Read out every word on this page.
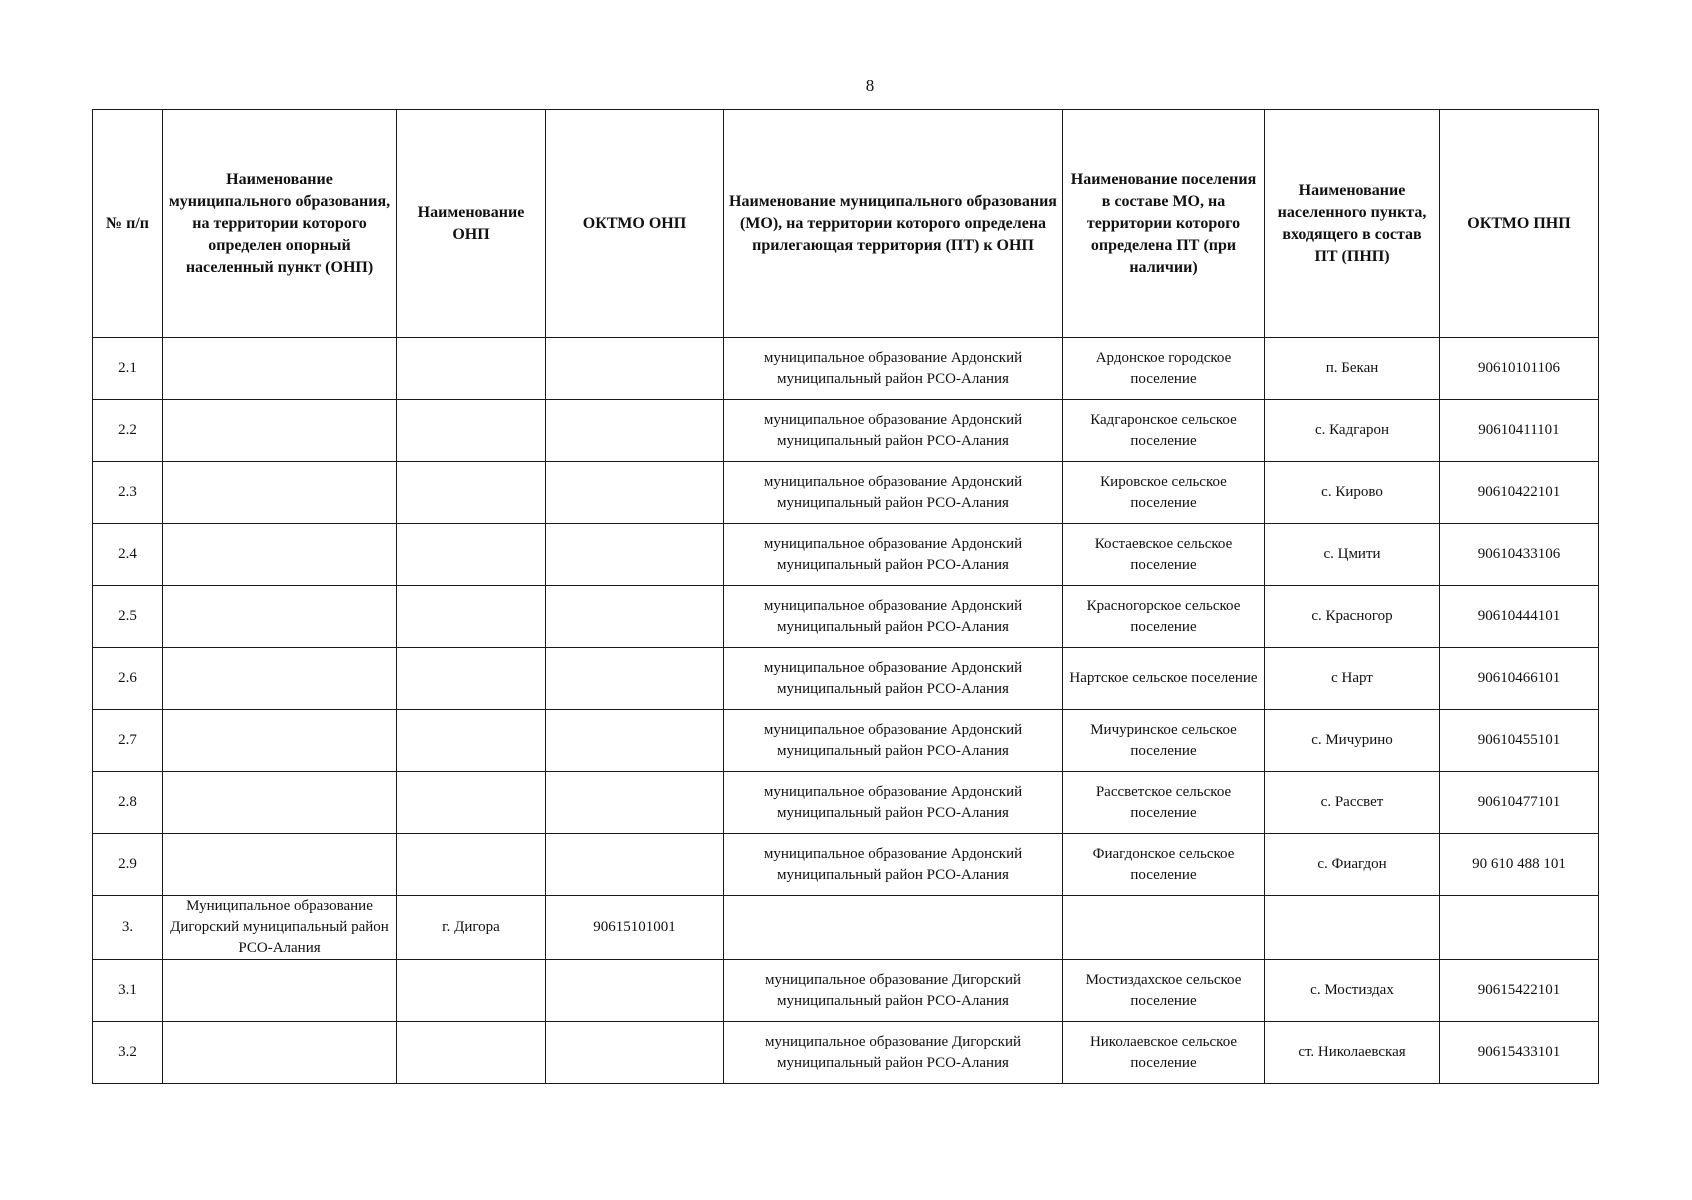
8
№ п/п	Наименование муниципального образования, на территории которого определен опорный населенный пункт (ОНП)	Наименование ОНП	ОКТМО ОНП	Наименование муниципального образования (МО), на территории которого определена прилегающая территория (ПТ) к ОНП	Наименование поселения в составе МО, на территории которого определена ПТ (при наличии)	Наименование населенного пункта, входящего в состав ПТ (ПНП)	ОКТМО ПНП
2.1				муниципальное образование Ардонский муниципальный район РСО-Алания	Ардонское городское поселение	п. Бекан	90610101106
2.2				муниципальное образование Ардонский муниципальный район РСО-Алания	Кадгаронское сельское поселение	с. Кадгарон	90610411101
2.3				муниципальное образование Ардонский муниципальный район РСО-Алания	Кировское сельское поселение	с. Кирово	90610422101
2.4				муниципальное образование Ардонский муниципальный район РСО-Алания	Костаевское сельское поселение	с. Цмити	90610433106
2.5				муниципальное образование Ардонский муниципальный район РСО-Алания	Красногорское сельское поселение	с. Красногор	90610444101
2.6				муниципальное образование Ардонский муниципальный район РСО-Алания	Нартское сельское поселение	с Нарт	90610466101
2.7				муниципальное образование Ардонский муниципальный район РСО-Алания	Мичуринское сельское поселение	с. Мичурино	90610455101
2.8				муниципальное образование Ардонский муниципальный район РСО-Алания	Рассветское сельское поселение	с. Рассвет	90610477101
2.9				муниципальное образование Ардонский муниципальный район РСО-Алания	Фиагдонское сельское поселение	с. Фиагдон	90 610 488 101
3.	Муниципальное образование Дигорский муниципальный район РСО-Алания	г. Дигора	90615101001				
3.1				муниципальное образование Дигорский муниципальный район РСО-Алания	Мостиздахское сельское поселение	с. Мостиздах	90615422101
3.2				муниципальное образование Дигорский муниципальный район РСО-Алания	Николаевское сельское поселение	ст. Николаевская	90615433101
